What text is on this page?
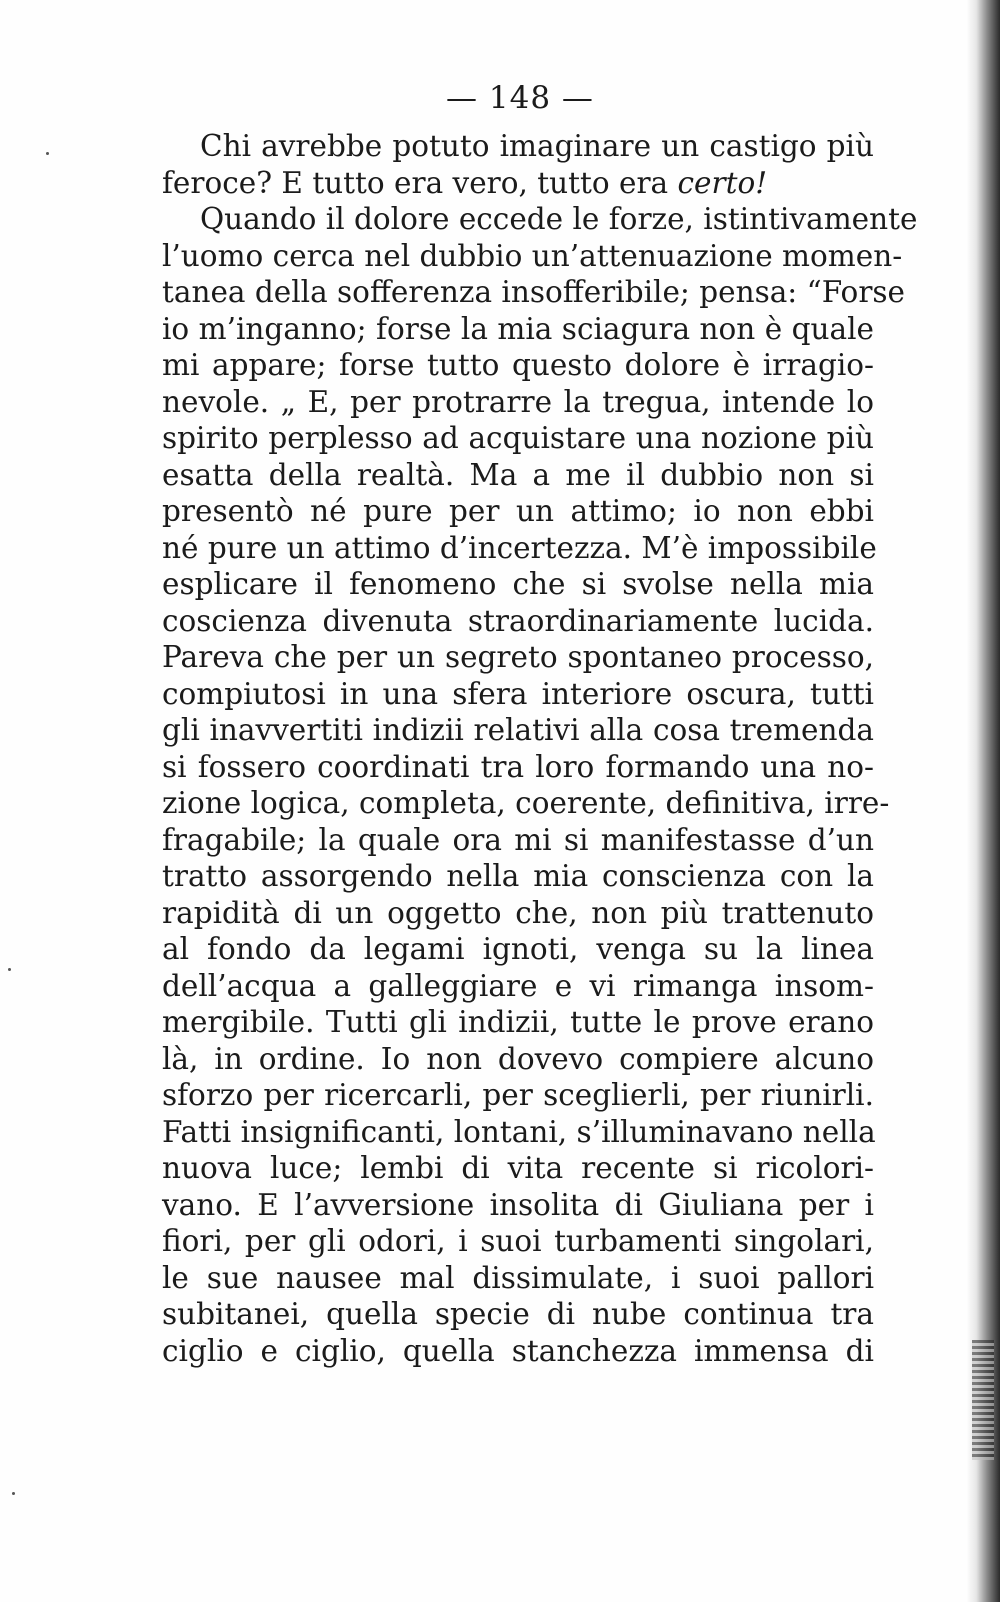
— 148 —
Chi avrebbe potuto imaginare un castigo più
feroce? E tutto era vero, tutto era certo!
Quando il dolore eccede le forze, istintivamente
l’uomo cerca nel dubbio un’attenuazione momen-
tanea della sofferenza insofferibile; pensa: “Forse
io m’inganno; forse la mia sciagura non è quale
mi appare; forse tutto questo dolore è irragio-
nevole. „ E, per protrarre la tregua, intende lo
spirito perplesso ad acquistare una nozione più
esatta della realtà. Ma a me il dubbio non si
presentò né pure per un attimo; io non ebbi
né pure un attimo d’incertezza. M’è impossibile
esplicare il fenomeno che si svolse nella mia
coscienza divenuta straordinariamente lucida.
Pareva che per un segreto spontaneo processo,
compiutosi in una sfera interiore oscura, tutti
gli inavvertiti indizii relativi alla cosa tremenda
si fossero coordinati tra loro formando una no-
zione logica, completa, coerente, definitiva, irre-
fragabile; la quale ora mi si manifestasse d’un
tratto assorgendo nella mia conscienza con la
rapidità di un oggetto che, non più trattenuto
al fondo da legami ignoti, venga su la linea
dell’acqua a galleggiare e vi rimanga insom-
mergibile. Tutti gli indizii, tutte le prove erano
là, in ordine. Io non dovevo compiere alcuno
sforzo per ricercarli, per sceglierli, per riunirli.
Fatti insignificanti, lontani, s’illuminavano nella
nuova luce; lembi di vita recente si ricolori-
vano. E l’avversione insolita di Giuliana per i
fiori, per gli odori, i suoi turbamenti singolari,
le sue nausee mal dissimulate, i suoi pallori
subitanei, quella specie di nube continua tra
ciglio e ciglio, quella stanchezza immensa di
